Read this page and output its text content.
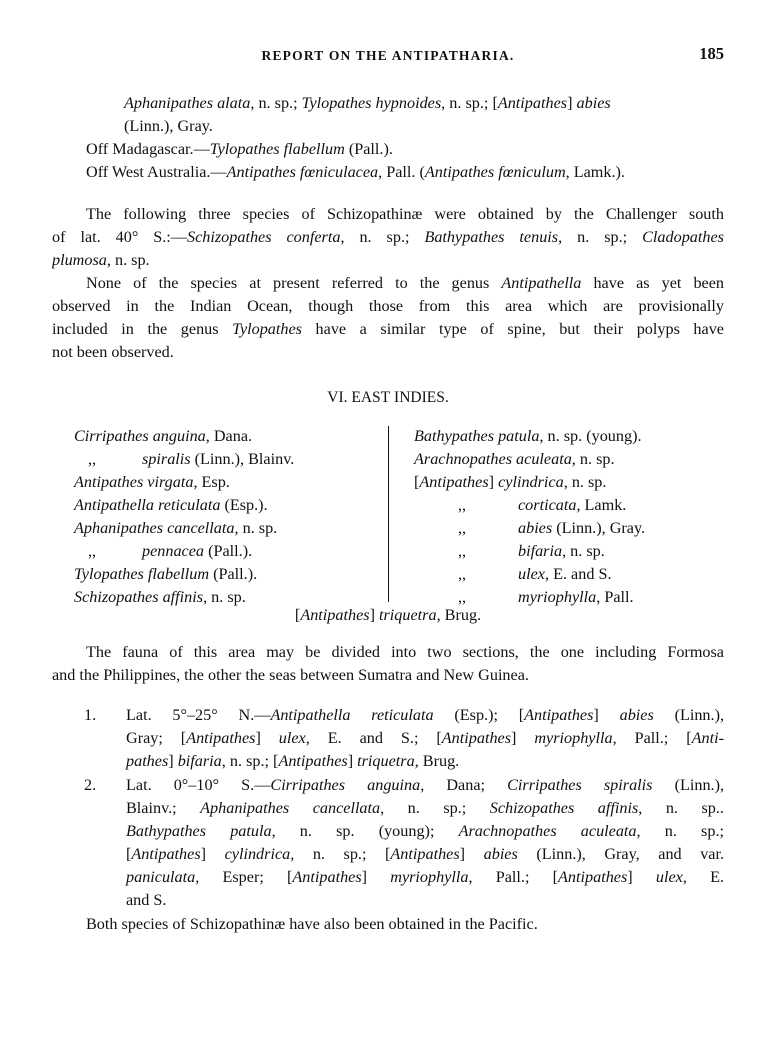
REPORT ON THE ANTIPATHARIA.	185
Aphanipathes alata, n. sp.; Tylopathes hypnoides, n. sp.; [Antipathes] abies
(Linn.), Gray.
Off Madagascar.—Tylopathes flabellum (Pall.).
Off West Australia.—Antipathes fœniculacea, Pall. (Antipathes fœniculum, Lamk.).
The following three species of Schizopathinæ were obtained by the Challenger south
of lat. 40° S.:—Schizopathes conferta, n. sp.; Bathypathes tenuis, n. sp.; Cladopathes
plumosa, n. sp.
None of the species at present referred to the genus Antipathella have as yet been
observed in the Indian Ocean, though those from this area which are provisionally
included in the genus Tylopathes have a similar type of spine, but their polyps have
not been observed.
VI. EAST INDIES.
Cirripathes anguina, Dana.
,,	spiralis (Linn.), Blainv.
Antipathes virgata, Esp.
Antipathella reticulata (Esp.).
Aphanipathes cancellata, n. sp.
,,	pennacea (Pall.).
Tylopathes flabellum (Pall.).
Schizopathes affinis, n. sp.
Bathypathes patula, n. sp. (young).
Arachnopathes aculeata, n. sp.
[Antipathes] cylindrica, n. sp.
,,	corticata, Lamk.
,,	abies (Linn.), Gray.
,,	bifaria, n. sp.
,,	ulex, E. and S.
,,	myriophylla, Pall.
[Antipathes] triquetra, Brug.
The fauna of this area may be divided into two sections, the one including Formosa
and the Philippines, the other the seas between Sumatra and New Guinea.
1.	Lat. 5°–25° N.—Antipathella reticulata (Esp.); [Antipathes] abies (Linn.),
Gray; [Antipathes] ulex, E. and S.; [Antipathes] myriophylla, Pall.; [Anti-
pathes] bifaria, n. sp.; [Antipathes] triquetra, Brug.
2.	Lat. 0°–10° S.—Cirripathes anguina, Dana; Cirripathes spiralis (Linn.),
Blainv.; Aphanipathes cancellata, n. sp.; Schizopathes affinis, n. sp..
Bathypathes patula, n. sp. (young); Arachnopathes aculeata, n. sp.;
[Antipathes] cylindrica, n. sp.; [Antipathes] abies (Linn.), Gray, and var.
paniculata, Esper; [Antipathes] myriophylla, Pall.; [Antipathes] ulex, E.
and S.
Both species of Schizopathinæ have also been obtained in the Pacific.
